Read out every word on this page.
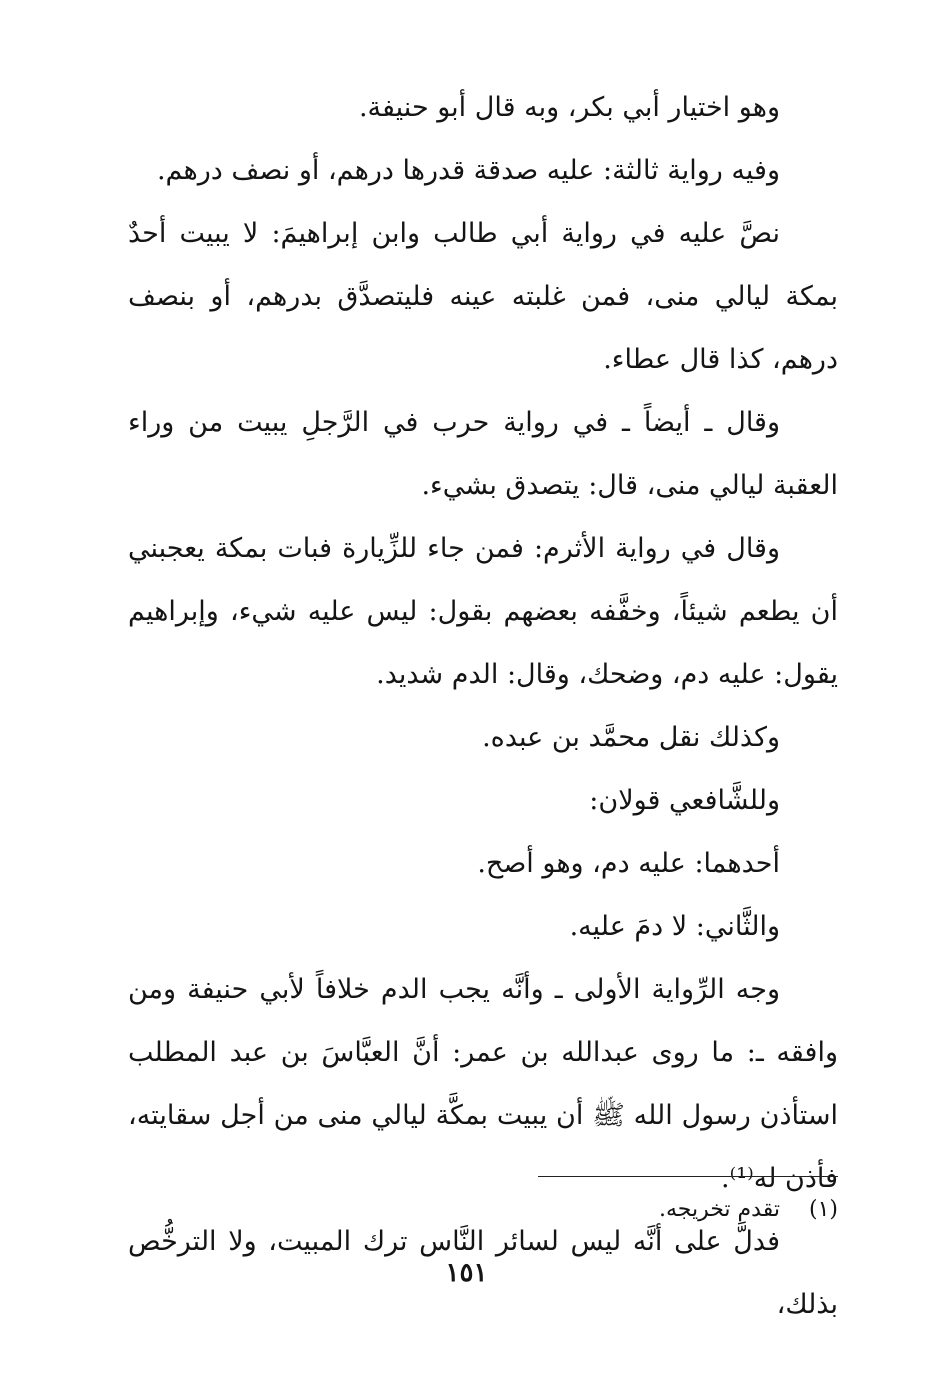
وهو اختيار أبي بكر، وبه قال أبو حنيفة.

وفيه رواية ثالثة: عليه صدقة قدرها درهم، أو نصف درهم.

نصَّ عليه في رواية أبي طالب وابن إبراهيمَ: لا يبيت أحدٌ بمكة ليالي منى، فمن غلبته عينه فليتصدَّق بدرهم، أو بنصف درهم، كذا قال عطاء.

وقال ـ أيضاً ـ في رواية حرب في الرَّجلِ يبيت من وراء العقبة ليالي منى، قال: يتصدق بشيء.

وقال في رواية الأثرم: فمن جاء للزِّيارة فبات بمكة يعجبني أن يطعم شيئاً، وخفَّفه بعضهم بقول: ليس عليه شيء، وإبراهيم يقول: عليه دم، وضحك، وقال: الدم شديد.

وكذلك نقل محمَّد بن عبده.

وللشَّافعي قولان:

أحدهما: عليه دم، وهو أصح.

والثَّاني: لا دمَ عليه.

وجه الرِّواية الأولى ـ وأنَّه يجب الدم خلافاً لأبي حنيفة ومن وافقه ـ: ما روى عبدالله بن عمر: أنَّ العبَّاسَ بن عبد المطلب استأذن رسول الله ﷺ أن يبيت بمكَّة ليالي منى من أجل سقايته، فأذن له⁽¹⁾.

فدلَّ على أنَّه ليس لسائر النَّاس ترك المبيت، ولا الترخُّص بذلك،

(١) تقدم تخريجه.
١٥١
